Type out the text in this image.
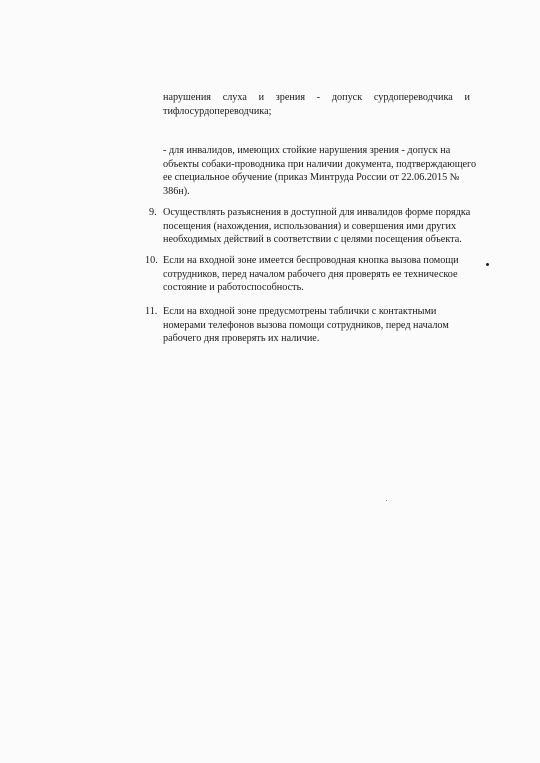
нарушения слуха и зрения - допуск сурдопереводчика и
тифлосурдопереводчика;
- для инвалидов, имеющих стойкие нарушения зрения - допуск на
объекты собаки-проводника при наличии документа, подтверждающего
ее специальное обучение (приказ Минтруда России от 22.06.2015 №
386н).
9. Осуществлять разъяснения в доступной для инвалидов форме порядка
посещения (нахождения, использования) и совершения ими других
необходимых действий в соответствии с целями посещения объекта.
10. Если на входной зоне имеется беспроводная кнопка вызова помощи
сотрудников, перед началом рабочего дня проверять ее техническое
состояние и работоспособность.
11. Если на входной зоне предусмотрены таблички с контактными
номерами телефонов вызова помощи сотрудников, перед началом
рабочего дня проверять их наличие.
